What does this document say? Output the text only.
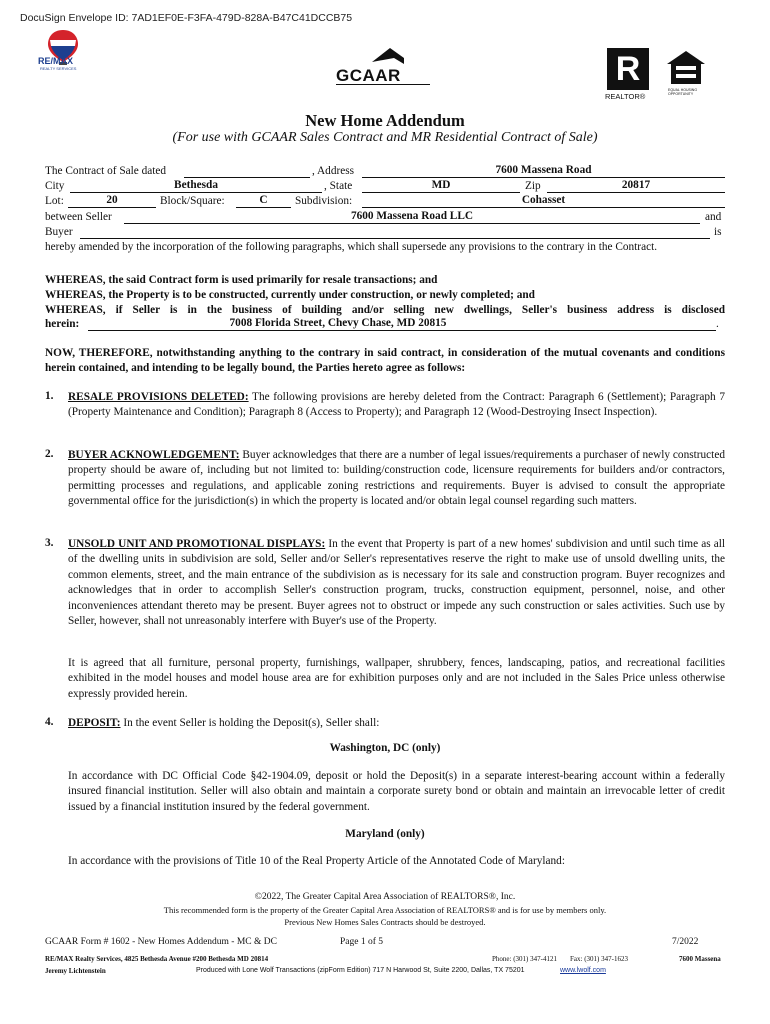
DocuSign Envelope ID: 7AD1EF0E-F3FA-479D-828A-B47C41DCCB75
RE/MAX
REALTY SERVICES	GCAAR	R
REALTOR®
EQUAL HOUSING OPPORTUNITY
New Home Addendum
(For use with GCAAR Sales Contract and MR Residential Contract of Sale)
The Contract of Sale dated	, Address	7600 Massena Road
City	Bethesda	, State	MD	Zip	20817
Lot:	20	Block/Square:	C	Subdivision:	Cohasset
between Seller	7600 Massena Road LLC	and
Buyer	is
hereby amended by the incorporation of the following paragraphs, which shall supersede any provisions to the contrary in the Contract.
WHEREAS, the said Contract form is used primarily for resale transactions; and
WHEREAS, the Property is to be constructed, currently under construction, or newly completed; and
WHEREAS, if Seller is in the business of building and/or selling new dwellings, Seller's business address is disclosed
herein:	7008 Florida Street, Chevy Chase, MD 20815	.
NOW, THEREFORE, notwithstanding anything to the contrary in said contract, in consideration of the mutual covenants and conditions herein contained, and intending to be legally bound, the Parties hereto agree as follows:
1. RESALE PROVISIONS DELETED: The following provisions are hereby deleted from the Contract: Paragraph 6 (Settlement); Paragraph 7 (Property Maintenance and Condition); Paragraph 8 (Access to Property); and Paragraph 12 (Wood-Destroying Insect Inspection).
2. BUYER ACKNOWLEDGEMENT: Buyer acknowledges that there are a number of legal issues/requirements a purchaser of newly constructed property should be aware of, including but not limited to: building/construction code, licensure requirements for builders and/or contractors, permitting processes and regulations, and applicable zoning restrictions and requirements. Buyer is advised to consult the appropriate governmental office for the jurisdiction(s) in which the property is located and/or obtain legal counsel regarding such matters.
3. UNSOLD UNIT AND PROMOTIONAL DISPLAYS: In the event that Property is part of a new homes' subdivision and until such time as all of the dwelling units in subdivision are sold, Seller and/or Seller's representatives reserve the right to make use of unsold dwelling units, the common elements, street, and the main entrance of the subdivision as is necessary for its sale and construction program. Buyer recognizes and acknowledges that in order to accomplish Seller's construction program, trucks, construction equipment, personnel, noise, and other inconveniences attendant thereto may be present. Buyer agrees not to obstruct or impede any such construction or sales activities. Such use by Seller, however, shall not unreasonably interfere with Buyer's use of the Property.
It is agreed that all furniture, personal property, furnishings, wallpaper, shrubbery, fences, landscaping, patios, and recreational facilities exhibited in the model houses and model house area are for exhibition purposes only and are not included in the Sales Price unless otherwise expressly provided herein.
4. DEPOSIT: In the event Seller is holding the Deposit(s), Seller shall:
Washington, DC (only)
In accordance with DC Official Code §42-1904.09, deposit or hold the Deposit(s) in a separate interest-bearing account within a federally insured financial institution. Seller will also obtain and maintain a corporate surety bond or obtain and maintain an irrevocable letter of credit issued by a financial institution insured by the federal government.
Maryland (only)
In accordance with the provisions of Title 10 of the Real Property Article of the Annotated Code of Maryland:
©2022, The Greater Capital Area Association of REALTORS®, Inc.
This recommended form is the property of the Greater Capital Area Association of REALTORS® and is for use by members only.
Previous New Homes Sales Contracts should be destroyed.
GCAAR Form # 1602 - New Homes Addendum - MC & DC	Page 1 of 5	7/2022
RE/MAX Realty Services, 4825 Bethesda Avenue #200 Bethesda MD 20814	Phone: (301) 347-4121 Fax: (301) 347-1623	7600 Massena
Jeremy Lichtenstein	Produced with Lone Wolf Transactions (zipForm Edition) 717 N Harwood St, Suite 2200, Dallas, TX 75201	www.lwolf.com
